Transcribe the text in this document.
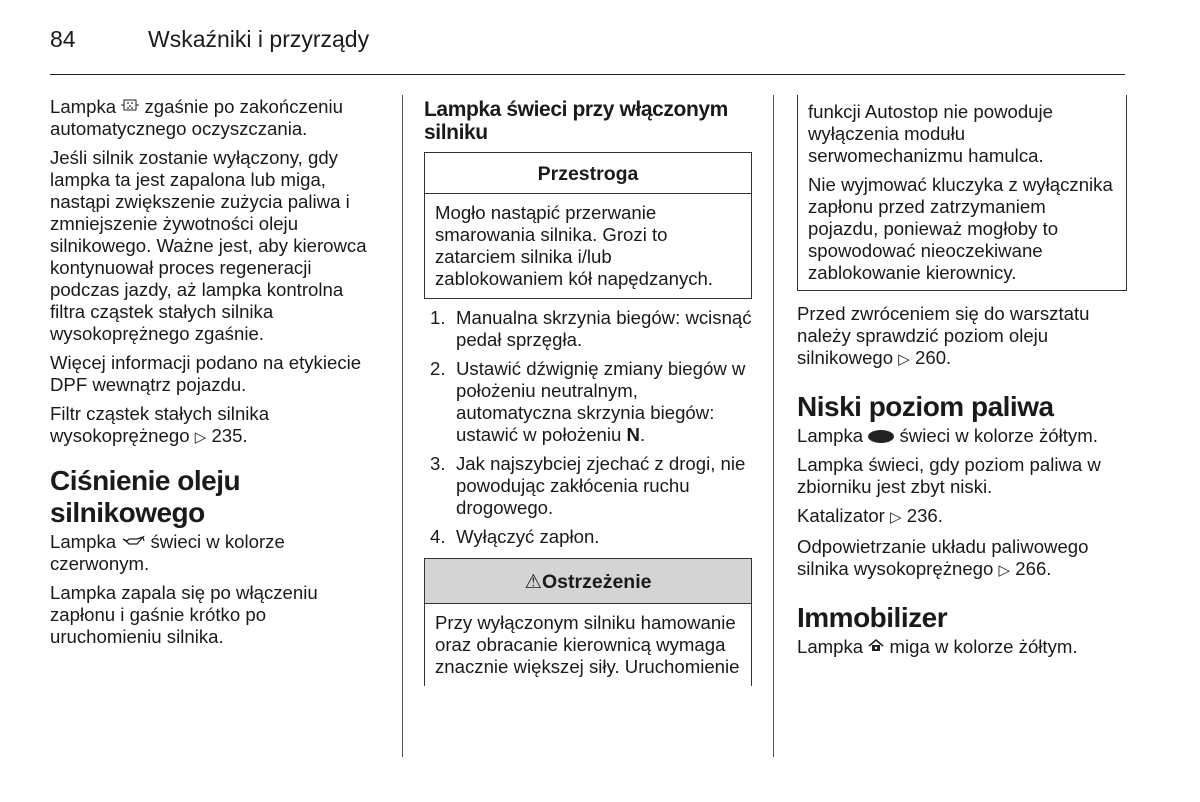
84	Wskaźniki i przyrządy

Lampka zgaśnie po zakończeniu automatycznego oczyszczania.

Jeśli silnik zostanie wyłączony, gdy lampka ta jest zapalona lub miga, nastąpi zwiększenie zużycia paliwa i zmniejszenie żywotności oleju silnikowego. Ważne jest, aby kierowca kontynuował proces regeneracji podczas jazdy, aż lampka kontrolna filtra cząstek stałych silnika wysokoprężnego zgaśnie.

Więcej informacji podano na etykiecie DPF wewnątrz pojazdu.

Filtr cząstek stałych silnika wysokoprężnego ▷ 235.

Ciśnienie oleju silnikowego

Lampka świeci w kolorze czerwonym.

Lampka zapala się po włączeniu zapłonu i gaśnie krótko po uruchomieniu silnika.

Lampka świeci przy włączonym silniku
Przestroga
Mogło nastąpić przerwanie smarowania silnika. Grozi to zatarciem silnika i/lub zablokowaniem kół napędzanych.
1. Manualna skrzynia biegów: wcisnąć pedał sprzęgła.
2. Ustawić dźwignię zmiany biegów w położeniu neutralnym, automatyczna skrzynia biegów: ustawić w położeniu N.
3. Jak najszybciej zjechać z drogi, nie powodując zakłócenia ruchu drogowego.
4. Wyłączyć zapłon.
⚠Ostrzeżenie
Przy wyłączonym silniku hamowanie oraz obracanie kierownicą wymaga znacznie większej siły. Uruchomienie

funkcji Autostop nie powoduje wyłączenia modułu serwomechanizmu hamulca.

Nie wyjmować kluczyka z wyłącznika zapłonu przed zatrzymaniem pojazdu, ponieważ mogłoby to spowodować nieoczekiwane zablokowanie kierownicy.

Przed zwróceniem się do warsztatu należy sprawdzić poziom oleju silnikowego ▷ 260.

Niski poziom paliwa

Lampka świeci w kolorze żółtym.

Lampka świeci, gdy poziom paliwa w zbiorniku jest zbyt niski.

Katalizator ▷ 236.

Odpowietrzanie układu paliwowego silnika wysokoprężnego ▷ 266.

Immobilizer

Lampka miga w kolorze żółtym.
